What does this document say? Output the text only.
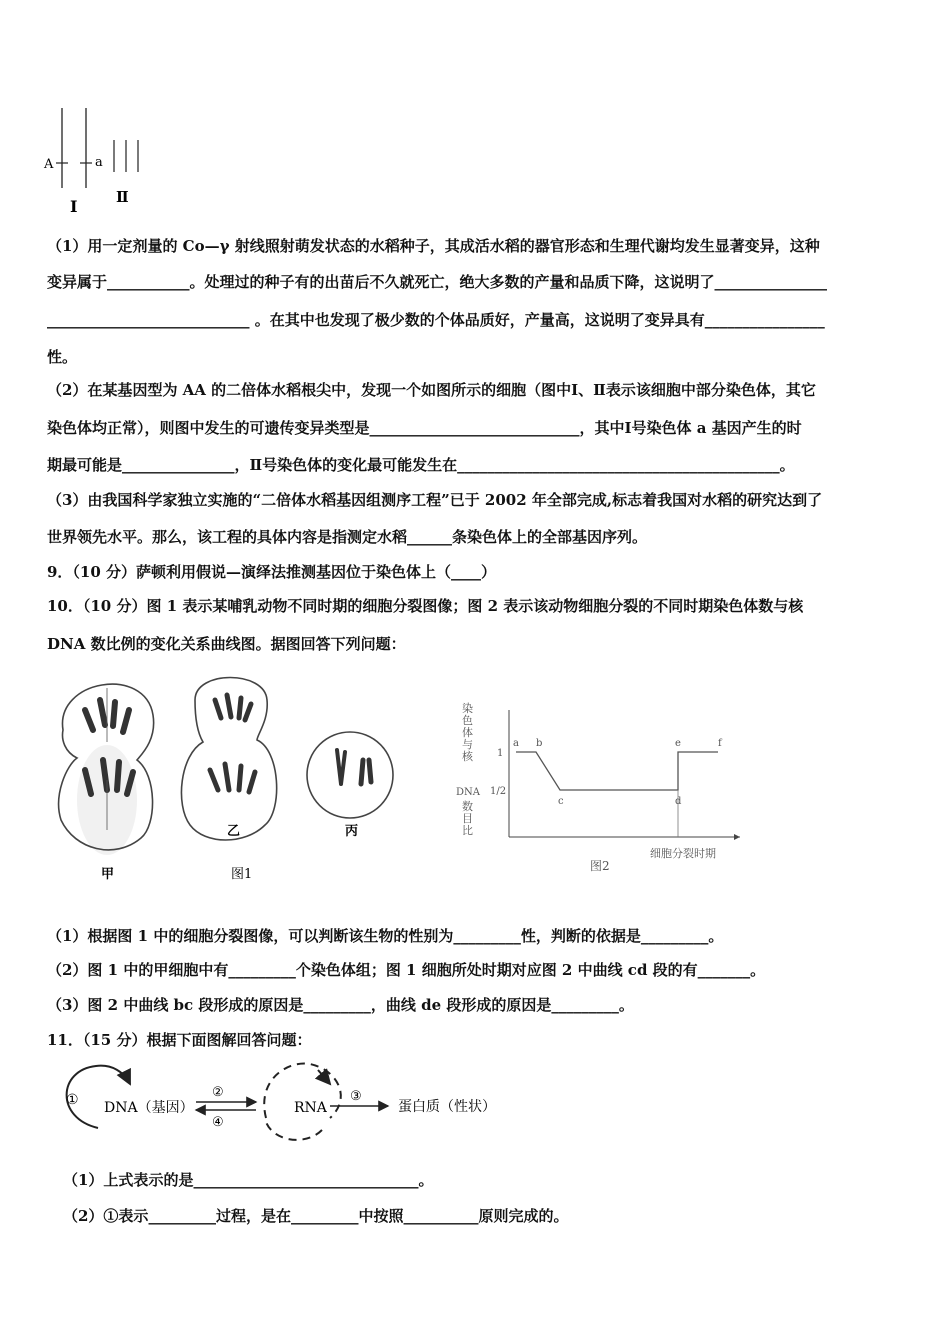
A	a
Ⅰ	Ⅱ
（1）用一定剂量的 Co—γ 射线照射萌发状态的水稻种子，其成活水稻的器官形态和生理代谢均发生显著变异，这种
变异属于___________。处理过的种子有的出苗后不久就死亡，绝大多数的产量和品质下降，这说明了_______________
___________________________ 。在其中也发现了极少数的个体品质好，产量高，这说明了变异具有________________
性。
（2）在某基因型为 AA 的二倍体水稻根尖中，发现一个如图所示的细胞（图中Ⅰ、Ⅱ表示该细胞中部分染色体，其它
染色体均正常），则图中发生的可遗传变异类型是____________________________，其中Ⅰ号染色体 a 基因产生的时
期最可能是_______________，Ⅱ号染色体的变化最可能发生在___________________________________________。
（3）由我国科学家独立实施的“二倍体水稻基因组测序工程”已于 2002 年全部完成,标志着我国对水稻的研究达到了
世界领先水平。那么，该工程的具体内容是指测定水稻______条染色体上的全部基因序列。
9．（10 分）萨顿利用假说—演绎法推测基因位于染色体上（____）
10．（10 分）图 1 表示某哺乳动物不同时期的细胞分裂图像；图 2 表示该动物细胞分裂的不同时期染色体数与核
DNA 数比例的变化关系曲线图。据图回答下列问题：
甲
乙	丙
图1
染
色
体
与
核
DNA
数
目
比
1
1/2
a b
c	d
e	f
细胞分裂时期
图2
（1）根据图 1 中的细胞分裂图像，可以判断该生物的性别为_________性，判断的依据是_________。
（2）图 1 中的甲细胞中有_________个染色体组；图 1 细胞所处时期对应图 2 中曲线 cd 段的有_______。
（3）图 2 中曲线 bc 段形成的原因是_________，曲线 de 段形成的原因是_________。
11．（15 分）根据下面图解回答问题：
① DNA（基因）
②
④
RNA
③
蛋白质（性状）
（1）上式表示的是______________________________。
（2）①表示_________过程，是在_________中按照__________原则完成的。
